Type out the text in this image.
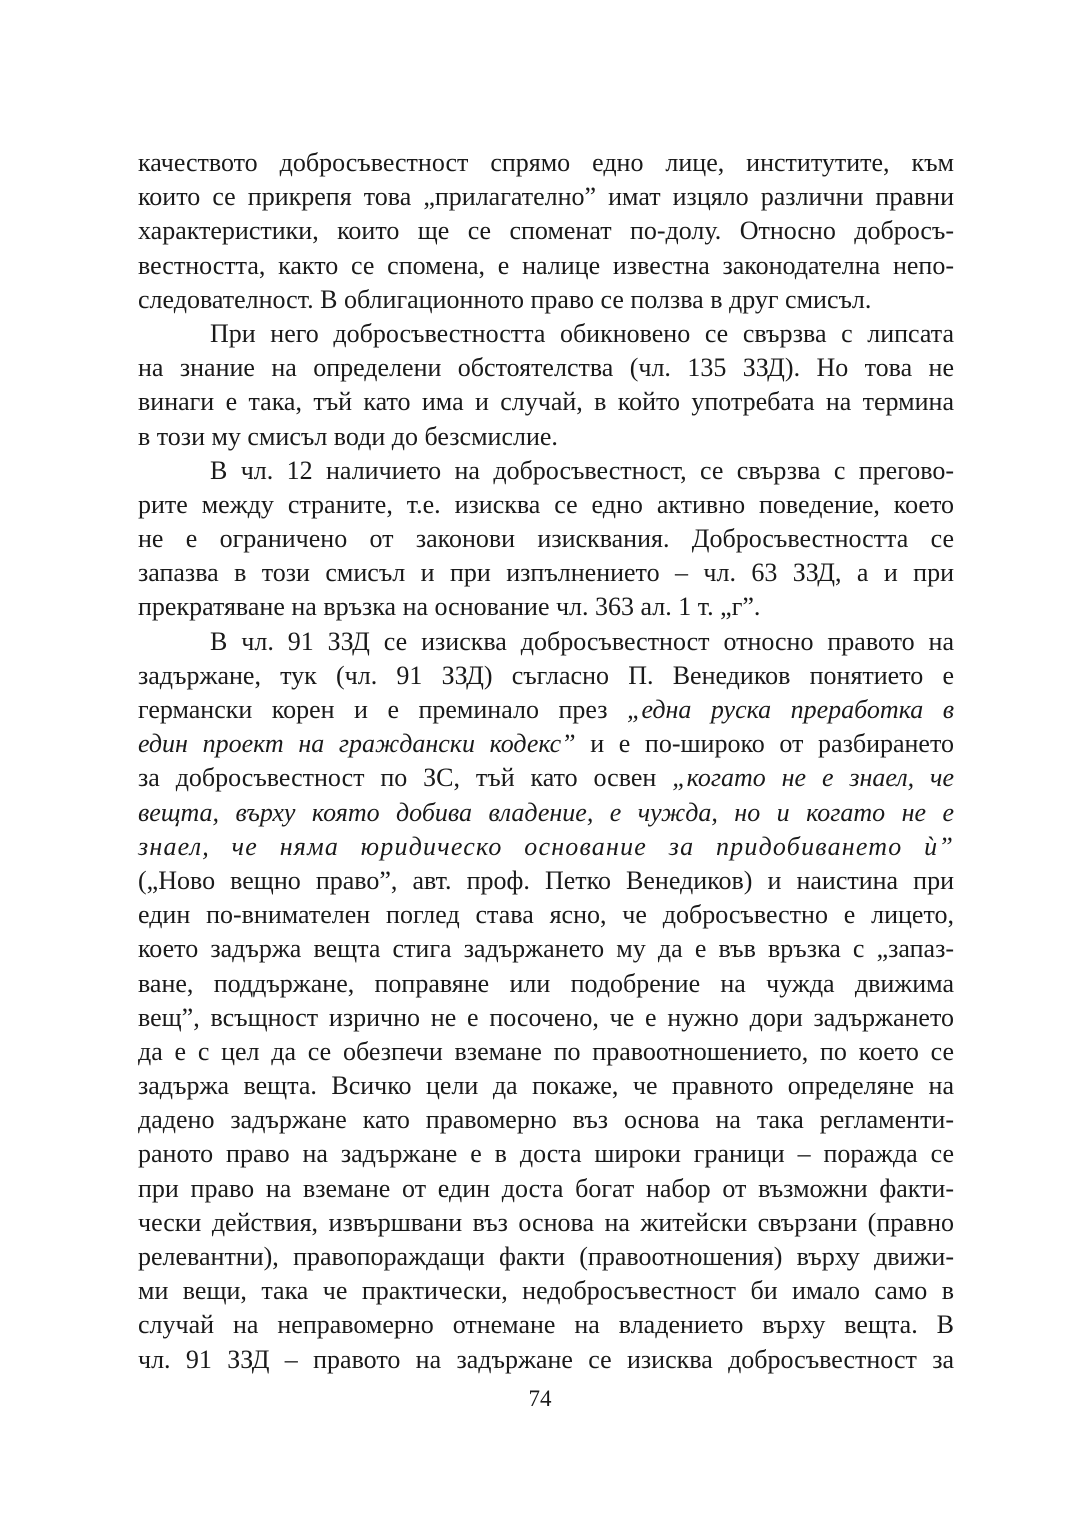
качеството добросъвестност спрямо едно лице, институтите, към
които се прикрепя това „прилагателно” имат изцяло различни правни
характеристики, които ще се споменат по-долу. Относно добросъ-
вестността, както се спомена, е налице известна законодателна непо-
следователност. В облигационното право се ползва в друг смисъл.
При него добросъвестността обикновено се свързва с липсата
на знание на определени обстоятелства (чл. 135 ЗЗД). Но това не
винаги е така, тъй като има и случай, в който употребата на термина
в този му смисъл води до безсмислие.
В чл. 12 наличието на добросъвестност, се свързва с прегово-
рите между страните, т.е. изисква се едно активно поведение, което
не е ограничено от законови изисквания. Добросъвестността се
запазва в този смисъл и при изпълнението – чл. 63 ЗЗД, а и при
прекратяване на връзка на основание чл. 363 ал. 1 т. „г”.
В чл. 91 ЗЗД се изисква добросъвестност относно правото на
задържане, тук (чл. 91 ЗЗД) съгласно П. Венедиков понятието е
германски корен и е преминало през „една руска преработка в
един проект на граждански кодекс” и е по-широко от разбирането
за добросъвестност по ЗС, тъй като освен „когато не е знаел, че
вещта, върху която добива владение, е чужда, но и когато не е
знаел, че няма юридическо основание за придобиването ѝ”
(„Ново вещно право”, авт. проф. Петко Венедиков) и наистина при
един по-внимателен поглед става ясно, че добросъвестно е лицето,
което задържа вещта стига задържането му да е във връзка с „запаз-
ване, поддържане, поправяне или подобрение на чужда движима
вещ”, всъщност изрично не е посочено, че е нужно дори задържането
да е с цел да се обезпечи вземане по правоотношението, по което се
задържа вещта. Всичко цели да покаже, че правното определяне на
дадено задържане като правомерно въз основа на така регламенти-
раното право на задържане е в доста широки граници – поражда се
при право на вземане от един доста богат набор от възможни факти-
чески действия, извършвани въз основа на житейски свързани (правно
релевантни), правопораждащи факти (правоотношения) върху движи-
ми вещи, така че практически, недобросъвестност би имало само в
случай на неправомерно отнемане на владението върху вещта. В
чл. 91 ЗЗД – правото на задържане се изисква добросъвестност за
74
